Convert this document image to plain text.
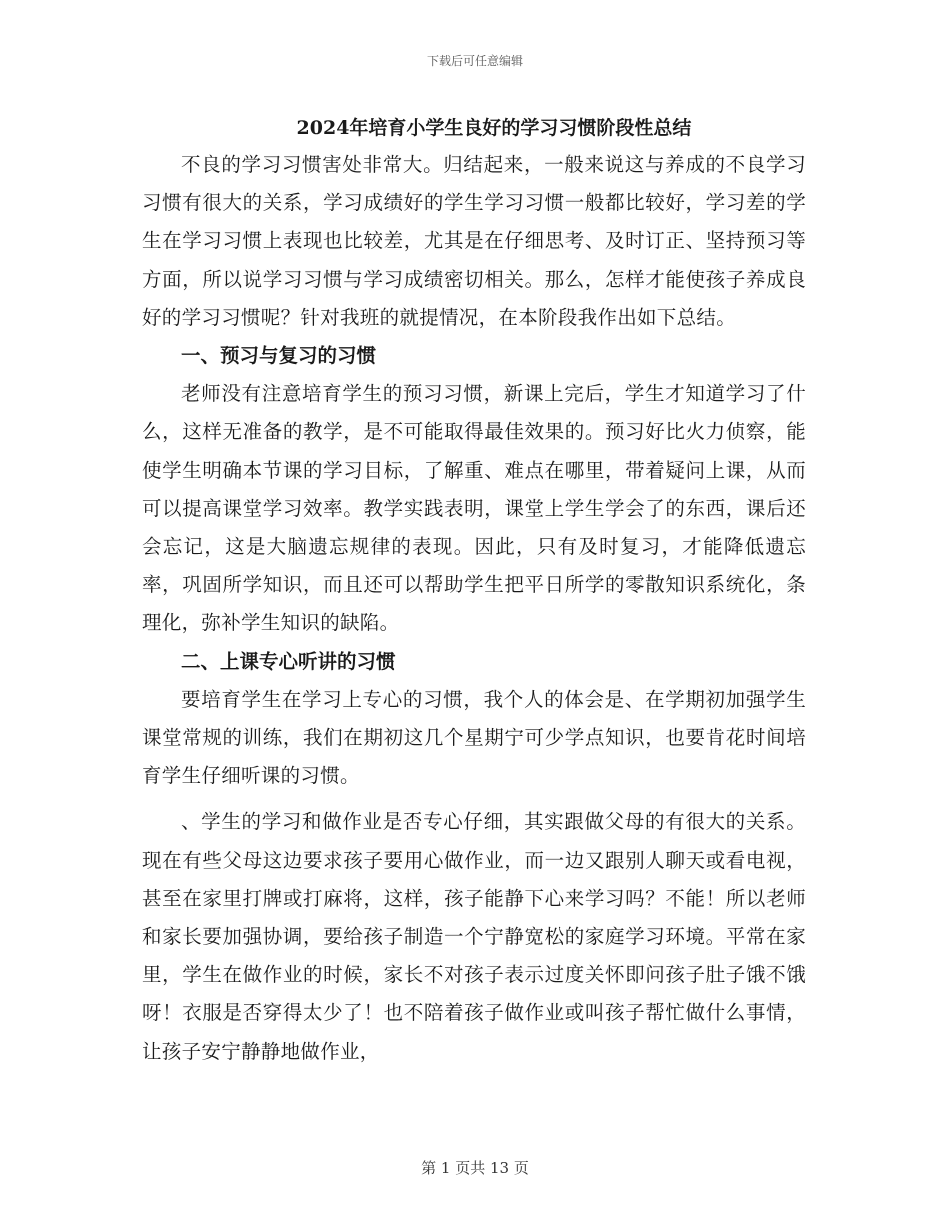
下载后可任意编辑
2024年培育小学生良好的学习习惯阶段性总结

不良的学习习惯害处非常大。归结起来，一般来说这与养成的不良学习习惯有很大的关系，学习成绩好的学生学习习惯一般都比较好，学习差的学生在学习习惯上表现也比较差，尤其是在仔细思考、及时订正、坚持预习等方面，所以说学习习惯与学习成绩密切相关。那么，怎样才能使孩子养成良好的学习习惯呢？针对我班的就提情况，在本阶段我作出如下总结。

一、预习与复习的习惯

老师没有注意培育学生的预习习惯，新课上完后，学生才知道学习了什么，这样无准备的教学，是不可能取得最佳效果的。预习好比火力侦察，能使学生明确本节课的学习目标，了解重、难点在哪里，带着疑问上课，从而可以提高课堂学习效率。教学实践表明，课堂上学生学会了的东西，课后还会忘记，这是大脑遗忘规律的表现。因此，只有及时复习，才能降低遗忘率，巩固所学知识，而且还可以帮助学生把平日所学的零散知识系统化，条理化，弥补学生知识的缺陷。

二、上课专心听讲的习惯

要培育学生在学习上专心的习惯，我个人的体会是、在学期初加强学生课堂常规的训练，我们在期初这几个星期宁可少学点知识，也要肯花时间培育学生仔细听课的习惯。

、学生的学习和做作业是否专心仔细，其实跟做父母的有很大的关系。现在有些父母这边要求孩子要用心做作业，而一边又跟别人聊天或看电视，甚至在家里打牌或打麻将，这样，孩子能静下心来学习吗？不能！所以老师和家长要加强协调，要给孩子制造一个宁静宽松的家庭学习环境。平常在家里，学生在做作业的时候，家长不对孩子表示过度关怀即问孩子肚子饿不饿呀！衣服是否穿得太少了！也不陪着孩子做作业或叫孩子帮忙做什么事情，让孩子安宁静静地做作业，

第 1 页共 13 页
